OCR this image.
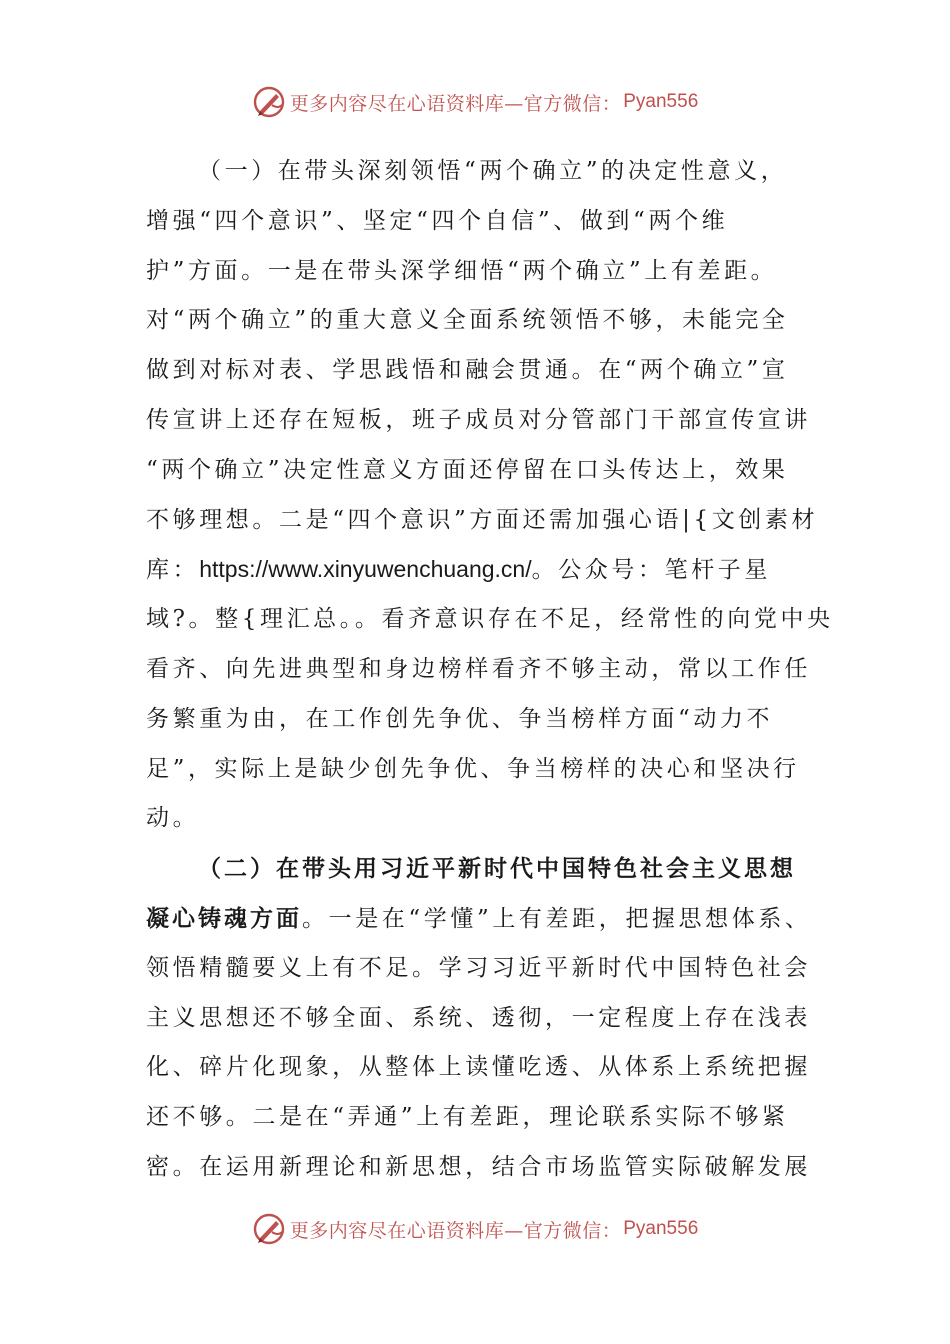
更多内容尽在心语资料库—官方微信： Pyan556
（一）在带头深刻领悟“两个确立”的决定性意义，
增强“四个意识”、坚定“四个自信”、做到“两个维
护”方面。一是在带头深学细悟“两个确立”上有差距。
对“两个确立”的重大意义全面系统领悟不够，未能完全
做到对标对表、学思践悟和融会贯通。在“两个确立”宣
传宣讲上还存在短板，班子成员对分管部门干部宣传宣讲
“两个确立”决定性意义方面还停留在口头传达上，效果
不够理想。二是“四个意识”方面还需加强心语|{文创素材
库：https://www.xinyuwenchuang.cn/。公众号：笔杆子星
域?。整{理汇总。。看齐意识存在不足，经常性的向党中央
看齐、向先进典型和身边榜样看齐不够主动，常以工作任
务繁重为由，在工作创先争优、争当榜样方面“动力不
足”，实际上是缺少创先争优、争当榜样的决心和坚决行
动。
（二）在带头用习近平新时代中国特色社会主义思想
凝心铸魂方面。一是在“学懂”上有差距，把握思想体系、
领悟精髓要义上有不足。学习习近平新时代中国特色社会
主义思想还不够全面、系统、透彻，一定程度上存在浅表
化、碎片化现象，从整体上读懂吃透、从体系上系统把握
还不够。二是在“弄通”上有差距，理论联系实际不够紧
密。在运用新理论和新思想，结合市场监管实际破解发展
更多内容尽在心语资料库—官方微信： Pyan556
